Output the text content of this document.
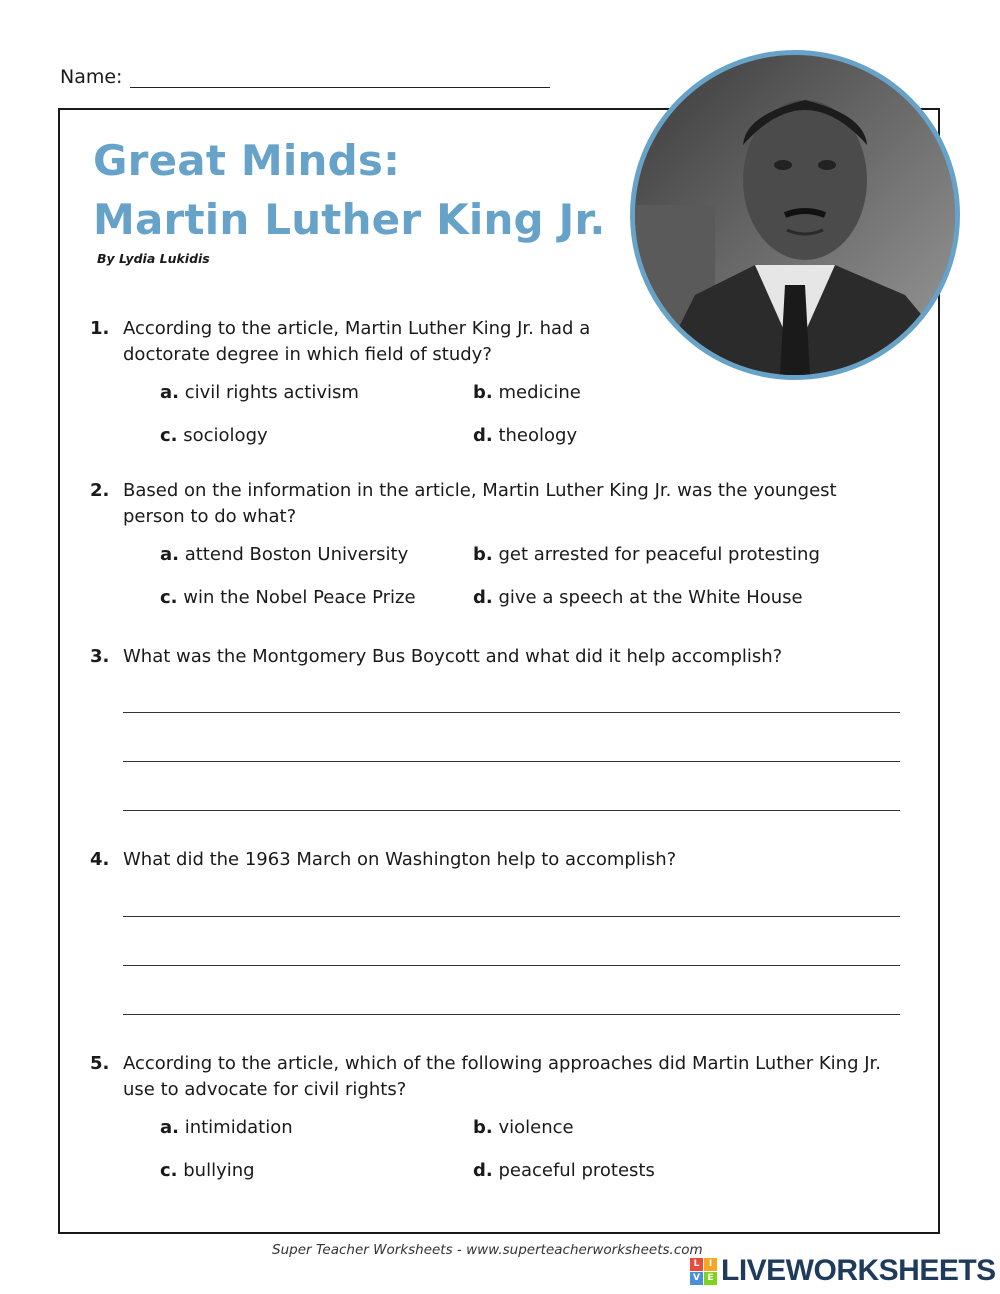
Name:
Great Minds:
Martin Luther King Jr.
By Lydia Lukidis
1. According to the article, Martin Luther King Jr. had a
doctorate degree in which field of study?
a. civil rights activism	b. medicine
c. sociology	d. theology
2. Based on the information in the article, Martin Luther King Jr. was the youngest
person to do what?
a. attend Boston University	b. get arrested for peaceful protesting
c. win the Nobel Peace Prize	d. give a speech at the White House
3. What was the Montgomery Bus Boycott and what did it help accomplish?
4. What did the 1963 March on Washington help to accomplish?
5. According to the article, which of the following approaches did Martin Luther King Jr.
use to advocate for civil rights?
a. intimidation	b. violence
c. bullying	d. peaceful protests
Super Teacher Worksheets - www.superteacherworksheets.com
L	I
V E LIVEWORKSHEETS
